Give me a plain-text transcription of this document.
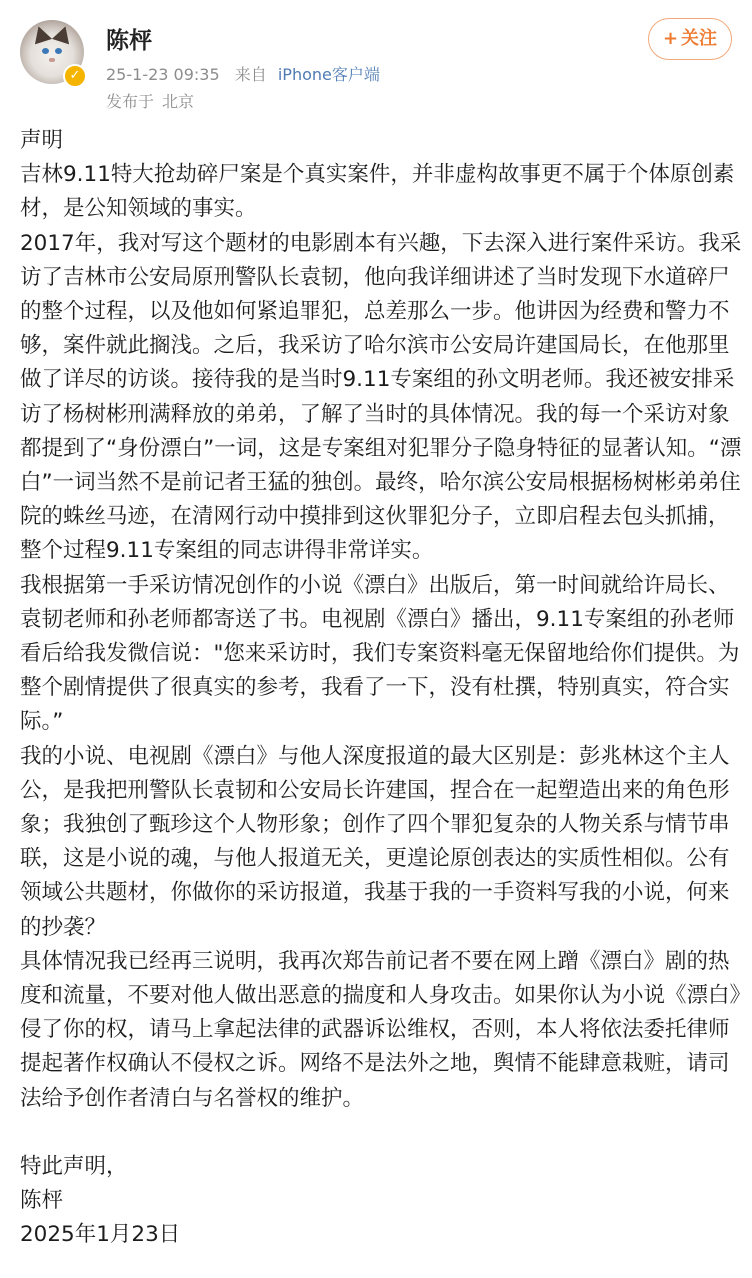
✓
陈枰
25-1-23 09:35 来自 iPhone客户端
发布于 北京
+ 关注

声明

吉林9.11特大抢劫碎尸案是个真实案件，并非虚构故事更不属于个体原创素材，是公知领域的事实。

2017年，我对写这个题材的电影剧本有兴趣，下去深入进行案件采访。我采访了吉林市公安局原刑警队长袁韧，他向我详细讲述了当时发现下水道碎尸的整个过程，以及他如何紧追罪犯，总差那么一步。他讲因为经费和警力不够，案件就此搁浅。之后，我采访了哈尔滨市公安局许建国局长，在他那里做了详尽的访谈。接待我的是当时9.11专案组的孙文明老师。我还被安排采访了杨树彬刑满释放的弟弟，了解了当时的具体情况。我的每一个采访对象都提到了“身份漂白”一词，这是专案组对犯罪分子隐身特征的显著认知。“漂白”一词当然不是前记者王猛的独创。最终，哈尔滨公安局根据杨树彬弟弟住院的蛛丝马迹，在清网行动中摸排到这伙罪犯分子，立即启程去包头抓捕，整个过程9.11专案组的同志讲得非常详实。

我根据第一手采访情况创作的小说《漂白》出版后，第一时间就给许局长、袁韧老师和孙老师都寄送了书。电视剧《漂白》播出，9.11专案组的孙老师看后给我发微信说："您来采访时，我们专案资料毫无保留地给你们提供。为整个剧情提供了很真实的参考，我看了一下，没有杜撰，特别真实，符合实际。”

我的小说、电视剧《漂白》与他人深度报道的最大区别是：彭兆林这个主人公，是我把刑警队长袁韧和公安局长许建国，捏合在一起塑造出来的角色形象；我独创了甄珍这个人物形象；创作了四个罪犯复杂的人物关系与情节串联，这是小说的魂，与他人报道无关，更遑论原创表达的实质性相似。公有领域公共题材，你做你的采访报道，我基于我的一手资料写我的小说，何来的抄袭？

具体情况我已经再三说明，我再次郑告前记者不要在网上蹭《漂白》剧的热度和流量，不要对他人做出恶意的揣度和人身攻击。如果你认为小说《漂白》侵了你的权，请马上拿起法律的武器诉讼维权，否则，本人将依法委托律师提起著作权确认不侵权之诉。网络不是法外之地，舆情不能肆意栽赃，请司法给予创作者清白与名誉权的维护。

特此声明，

陈枰

2025年1月23日
